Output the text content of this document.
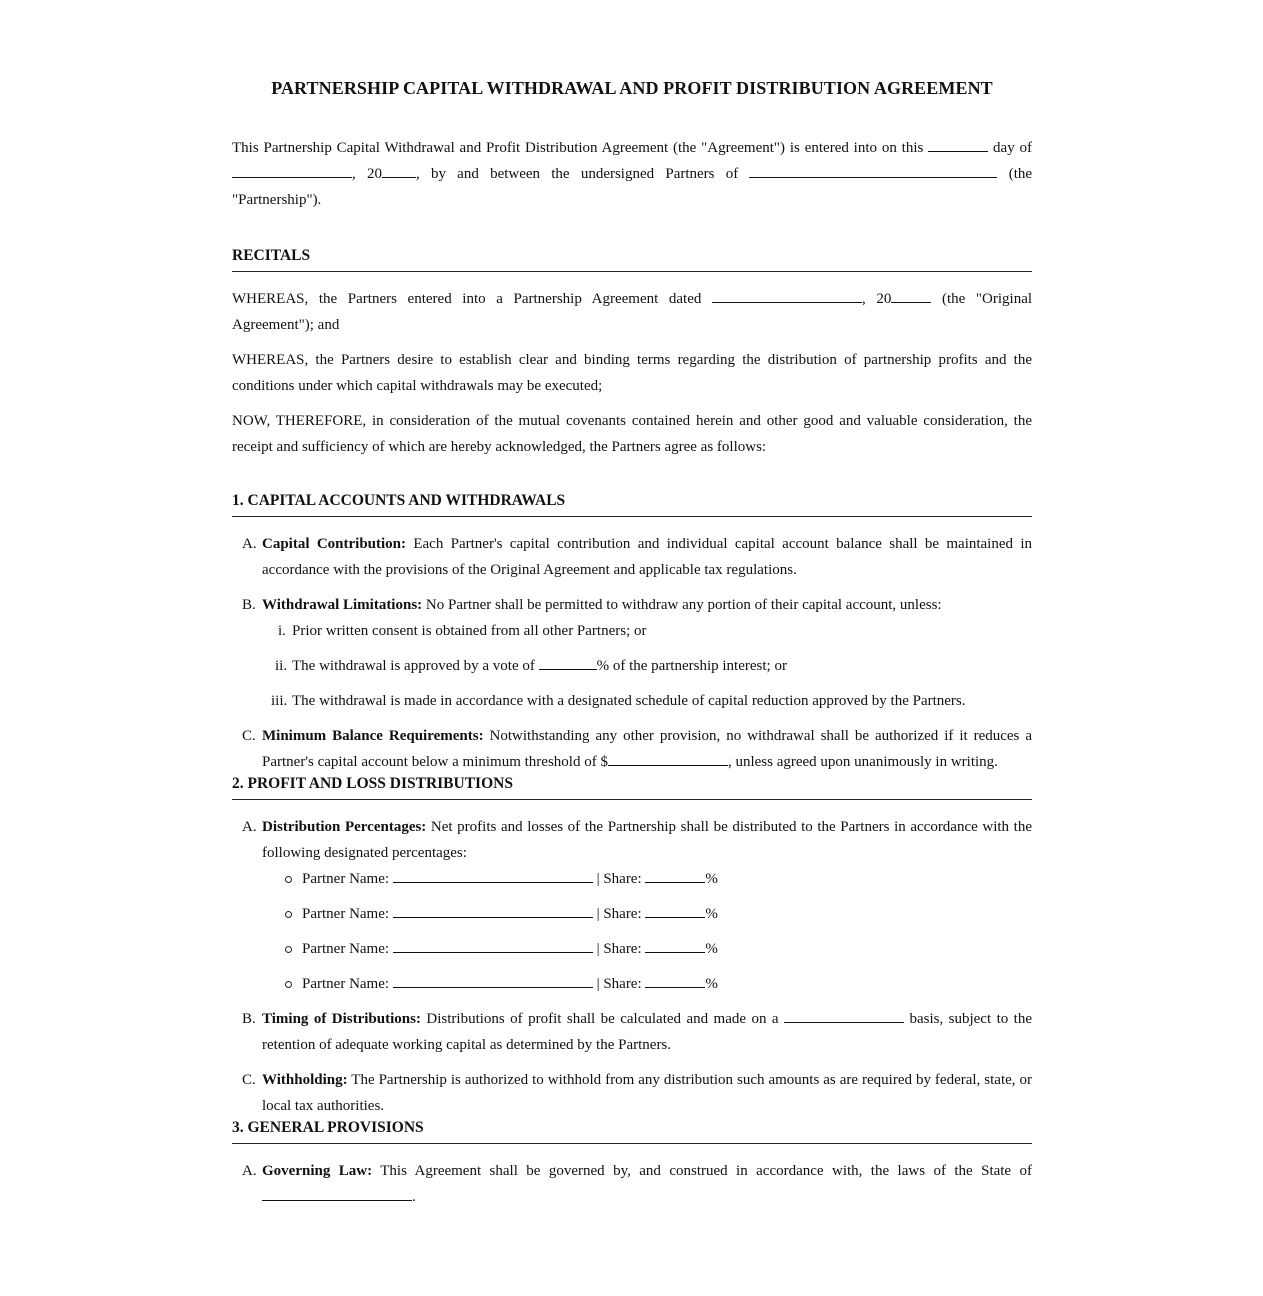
PARTNERSHIP CAPITAL WITHDRAWAL AND PROFIT DISTRIBUTION AGREEMENT

This Partnership Capital Withdrawal and Profit Distribution Agreement (the "Agreement") is entered into on this	day of , 20 , by and between the undersigned Partners of	(the "Partnership").

RECITALS

WHEREAS, the Partners entered into a Partnership Agreement dated	, 20	(the "Original Agreement"); and

WHEREAS, the Partners desire to establish clear and binding terms regarding the distribution of partnership profits and the conditions under which capital withdrawals may be executed;

NOW, THEREFORE, in consideration of the mutual covenants contained herein and other good and valuable consideration, the receipt and sufficiency of which are hereby acknowledged, the Partners agree as follows:

1. CAPITAL ACCOUNTS AND WITHDRAWALS
A. Capital Contribution: Each Partner's capital contribution and individual capital account balance shall be maintained in accordance with the provisions of the Original Agreement and applicable tax regulations.
B. Withdrawal Limitations: No Partner shall be permitted to withdraw any portion of their capital account, unless:
i. Prior written consent is obtained from all other Partners; or
ii. The withdrawal is approved by a vote of	% of the partnership interest; or
iii. The withdrawal is made in accordance with a designated schedule of capital reduction approved by the Partners.
C. Minimum Balance Requirements: Notwithstanding any other provision, no withdrawal shall be authorized if it reduces a Partner's capital account below a minimum threshold of $	, unless agreed upon unanimously in writing.
2. PROFIT AND LOSS DISTRIBUTIONS
A. Distribution Percentages: Net profits and losses of the Partnership shall be distributed to the Partners in accordance with the following designated percentages:
Partner Name:	| Share:	%
Partner Name:	| Share:	%
Partner Name:	| Share:	%
Partner Name:	| Share:	%
B. Timing of Distributions: Distributions of profit shall be calculated and made on a	basis, subject to the retention of adequate working capital as determined by the Partners.
C. Withholding: The Partnership is authorized to withhold from any distribution such amounts as are required by federal, state, or local tax authorities.
3. GENERAL PROVISIONS
A. Governing Law: This Agreement shall be governed by, and construed in accordance with, the laws of the State of .
